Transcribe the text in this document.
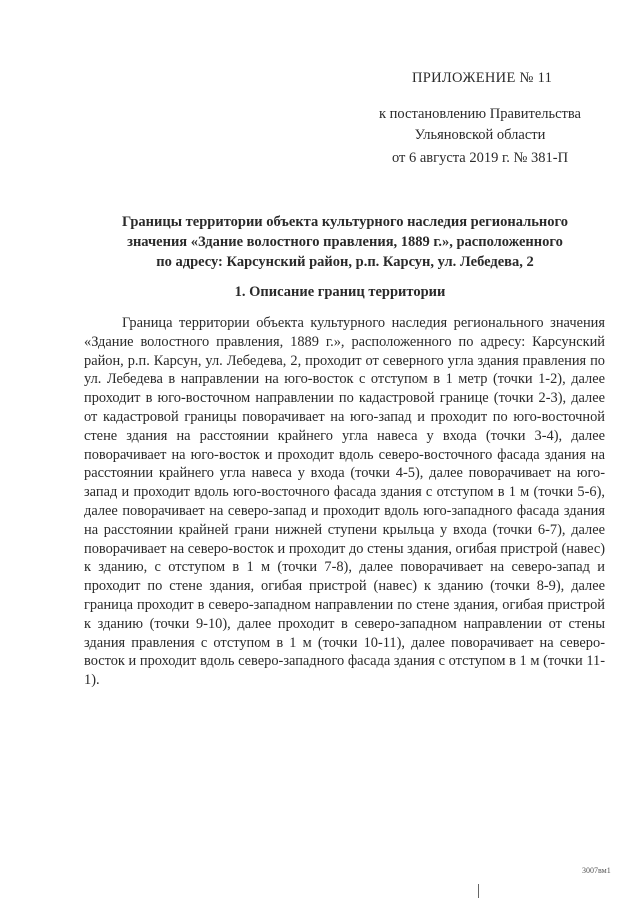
ПРИЛОЖЕНИЕ № 11
к постановлению Правительства
Ульяновской области
от 6 августа 2019 г. № 381-П
Границы территории объекта культурного наследия регионального
значения «Здание волостного правления, 1889 г.», расположенного
по адресу: Карсунский район, р.п. Карсун, ул. Лебедева, 2
1. Описание границ территории

Граница территории объекта культурного наследия регионального значения «Здание волостного правления, 1889 г.», расположенного по адресу: Карсунский район, р.п. Карсун, ул. Лебедева, 2, проходит от северного угла здания правления по ул. Лебедева в направлении на юго-восток с отступом в 1 метр (точки 1-2), далее проходит в юго-восточном направлении по кадастровой границе (точки 2-3), далее от кадастровой границы поворачивает на юго-запад и проходит по юго-восточной стене здания на расстоянии крайнего угла навеса у входа (точки 3-4), далее поворачивает на юго-восток и проходит вдоль северо-восточного фасада здания на расстоянии крайнего угла навеса у входа (точки 4-5), далее поворачивает на юго-запад и проходит вдоль юго-восточного фасада здания с отступом в 1 м (точки 5-6), далее поворачивает на северо-запад и проходит вдоль юго-западного фасада здания на расстоянии крайней грани нижней ступени крыльца у входа (точки 6-7), далее поворачивает на северо-восток и проходит до стены здания, огибая пристрой (навес) к зданию, с отступом в 1 м (точки 7-8), далее поворачивает на северо-запад и проходит по стене здания, огибая пристрой (навес) к зданию (точки 8-9), далее граница проходит в северо-западном направлении по стене здания, огибая пристрой к зданию (точки 9-10), далее проходит в северо-западном направлении от стены здания правления с отступом в 1 м (точки 10-11), далее поворачивает на северо-восток и проходит вдоль северо-западного фасада здания с отступом в 1 м (точки 11-1).

3007вм1
